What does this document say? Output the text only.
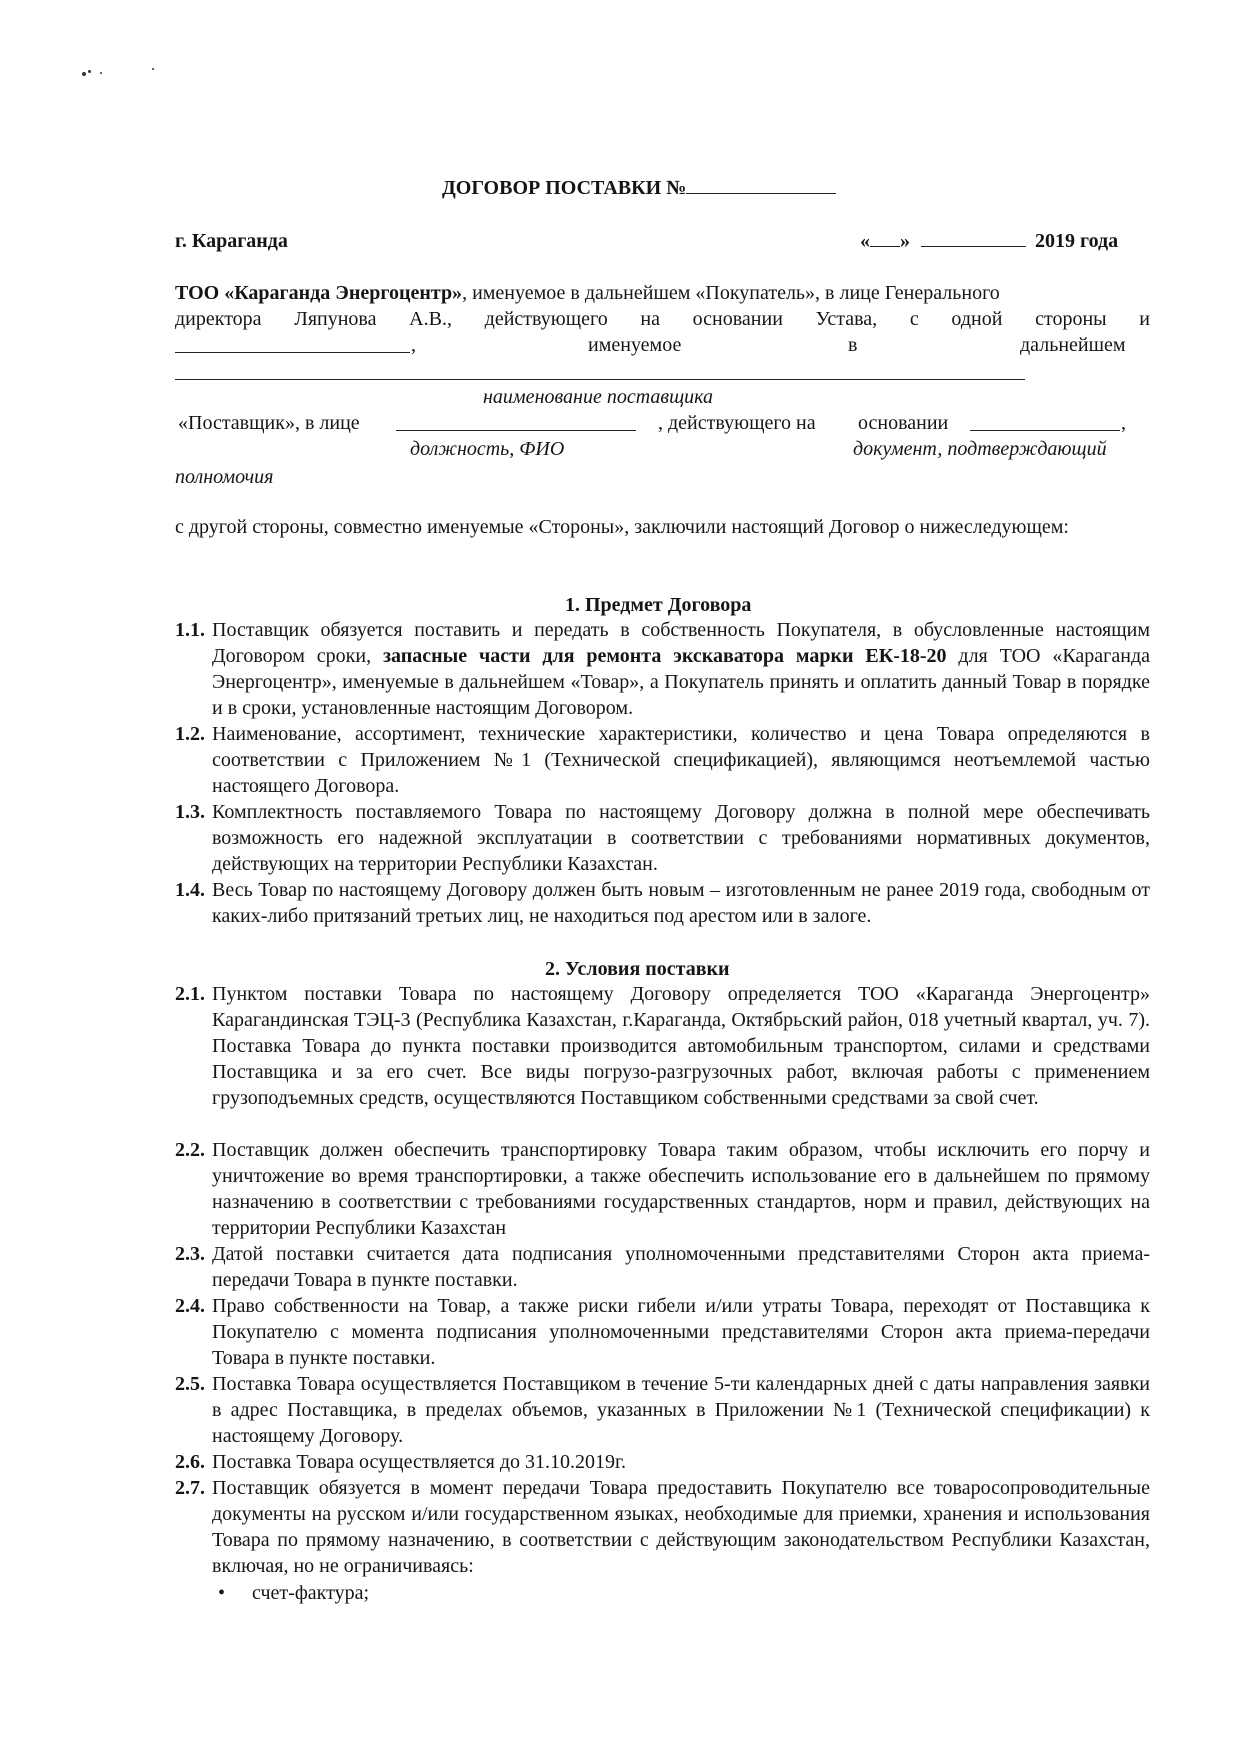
ДОГОВОР ПОСТАВКИ №
г. Караганда	« »	2019 года
ТОО «Караганда Энергоцентр», именуемое в дальнейшем «Покупатель», в лице Генерального
директора Ляпунова А.В., действующего на основании Устава, с одной стороны и
,	именуемое	в	дальнейшем
наименование поставщика
«Поставщик», в лице	, действующего на основании	,
должность, ФИО	документ, подтверждающий
полномочия
с другой стороны, совместно именуемые «Стороны», заключили настоящий Договор о нижеследующем:
1. Предмет Договора
1.1. Поставщик обязуется поставить и передать в собственность Покупателя, в обусловленные настоящим Договором сроки, запасные части для ремонта экскаватора марки ЕК-18-20 для ТОО «Караганда Энергоцентр», именуемые в дальнейшем «Товар», а Покупатель принять и оплатить данный Товар в порядке и в сроки, установленные настоящим Договором.
1.2. Наименование, ассортимент, технические характеристики, количество и цена Товара определяются в соответствии с Приложением №1 (Технической спецификацией), являющимся неотъемлемой частью настоящего Договора.
1.3. Комплектность поставляемого Товара по настоящему Договору должна в полной мере обеспечивать возможность его надежной эксплуатации в соответствии с требованиями нормативных документов, действующих на территории Республики Казахстан.
1.4. Весь Товар по настоящему Договору должен быть новым – изготовленным не ранее 2019 года, свободным от каких-либо притязаний третьих лиц, не находиться под арестом или в залоге.
2. Условия поставки
2.1. Пунктом поставки Товара по настоящему Договору определяется ТОО «Караганда Энергоцентр» Карагандинская ТЭЦ-3 (Республика Казахстан, г.Караганда, Октябрьский район, 018 учетный квартал, уч. 7). Поставка Товара до пункта поставки производится автомобильным транспортом, силами и средствами Поставщика и за его счет. Все виды погрузо-разгрузочных работ, включая работы с применением грузоподъемных средств, осуществляются Поставщиком собственными средствами за свой счет.
2.2. Поставщик должен обеспечить транспортировку Товара таким образом, чтобы исключить его порчу и уничтожение во время транспортировки, а также обеспечить использование его в дальнейшем по прямому назначению в соответствии с требованиями государственных стандартов, норм и правил, действующих на территории Республики Казахстан
2.3. Датой поставки считается дата подписания уполномоченными представителями Сторон акта приема-передачи Товара в пункте поставки.
2.4. Право собственности на Товар, а также риски гибели и/или утраты Товара, переходят от Поставщика к Покупателю с момента подписания уполномоченными представителями Сторон акта приема-передачи Товара в пункте поставки.
2.5. Поставка Товара осуществляется Поставщиком в течение 5-ти календарных дней с даты направления заявки в адрес Поставщика, в пределах объемов, указанных в Приложении №1 (Технической спецификации) к настоящему Договору.
2.6. Поставка Товара осуществляется до 31.10.2019г.
2.7. Поставщик обязуется в момент передачи Товара предоставить Покупателю все товаросопроводительные документы на русском и/или государственном языках, необходимые для приемки, хранения и использования Товара по прямому назначению, в соответствии с действующим законодательством Республики Казахстан, включая, но не ограничиваясь:
• счет-фактура;
